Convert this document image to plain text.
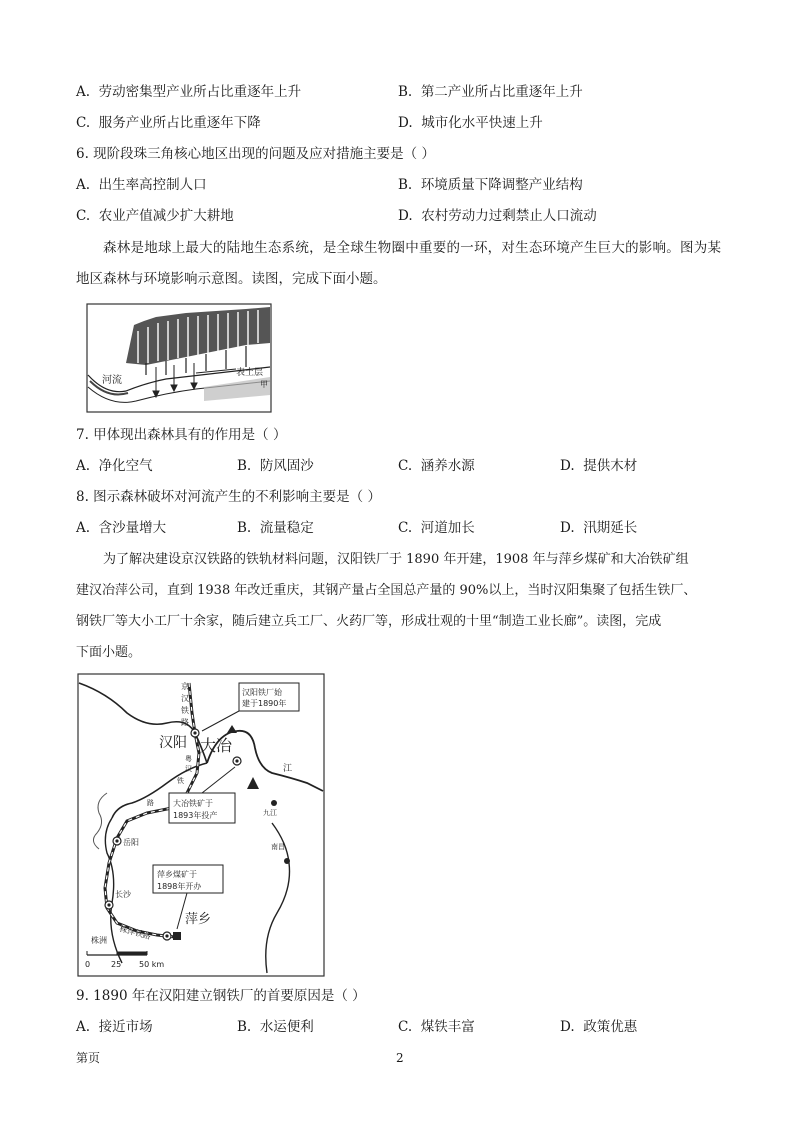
A. 劳动密集型产业所占比重逐年上升	B. 第二产业所占比重逐年上升
C. 服务产业所占比重逐年下降	D. 城市化水平快速上升
6. 现阶段珠三角核心地区出现的问题及应对措施主要是（ ）
A. 出生率高控制人口	B. 环境质量下降调整产业结构
C. 农业产值减少扩大耕地	D. 农村劳动力过剩禁止人口流动
森林是地球上最大的陆地生态系统，是全球生物圈中重要的一环，对生态环境产生巨大的影响。图为某地区森林与环境影响示意图。读图，完成下面小题。
河流
表土层
甲
7. 甲体现出森林具有的作用是（ ）
A. 净化空气	B. 防风固沙	C. 涵养水源	D. 提供木材
8. 图示森林破坏对河流产生的不利影响主要是（ ）
A. 含沙量增大	B. 流量稳定	C. 河道加长	D. 汛期延长
为了解决建设京汉铁路的铁轨材料问题，汉阳铁厂于 1890 年开建，1908 年与萍乡煤矿和大冶铁矿组
建汉冶萍公司，直到 1938 年改迁重庆，其钢产量占全国总产量的 90%以上，当时汉阳集聚了包括生铁厂、
钢铁厂等大小工厂十余家，随后建立兵工厂、火药厂等，形成壮观的十里“制造工业长廊”。读图，完成
下面小题。
京
汉
铁
路
汉阳 大冶
粤
汉
铁
路
汉阳铁厂始
建于1890年
大冶铁矿于
1893年投产
萍乡煤矿于
1898年开办
萍乡
江
岳阳
长沙
株洲
九江
南昌
株萍铁路
0	25 50 km
9. 1890 年在汉阳建立钢铁厂的首要原因是（ ）
A. 接近市场	B. 水运便利	C. 煤铁丰富	D. 政策优惠
第页	2
